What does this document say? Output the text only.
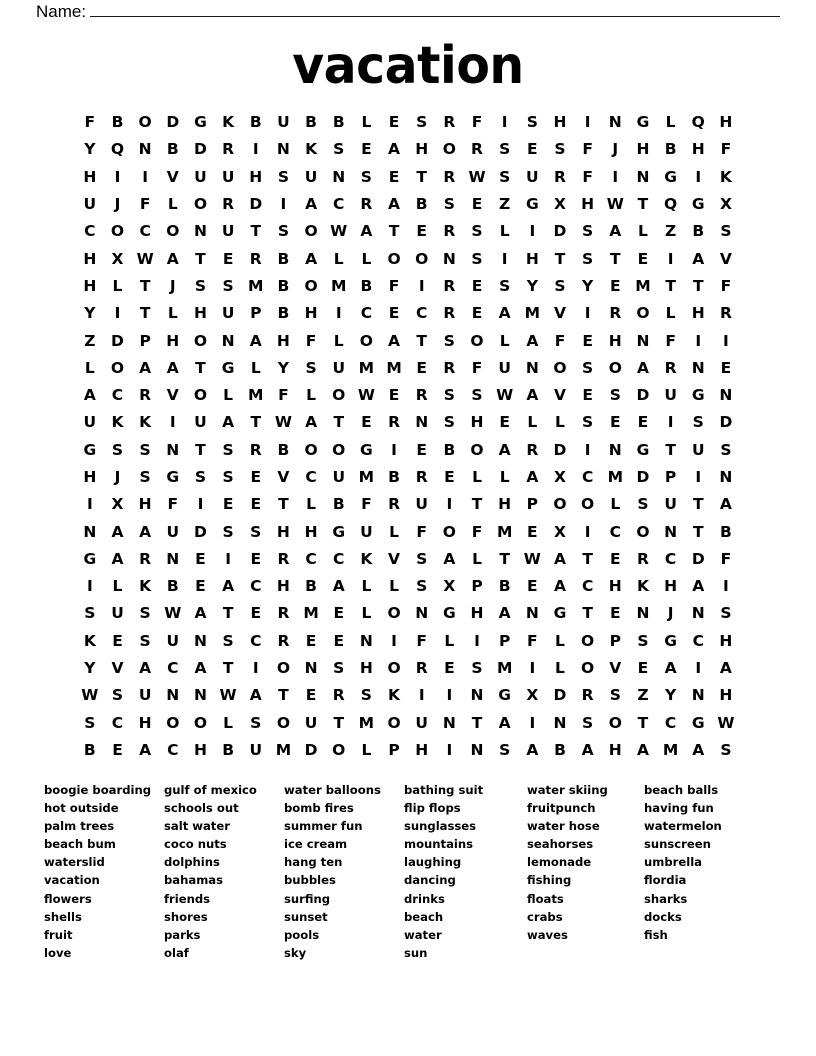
Name:
vacation
F	B O D G K	B U B	B	L	E	S	R	F	I	S	H	I	N G	L	Q H
Y Q N B D R	I	N K	S	E	A H O R	S	E	S	F	J	H B H	F
H	I	I	V U U H	S	U N	S	E	T	R W S	U R	F	I	N G	I	K
U	J	F	L	O R D	I	A	C	R	A	B	S	E	Z	G X H W T	Q G X
C O C O N U	T	S O W A	T	E	R	S	L	I	D	S	A	L	Z	B	S
H X W A	T	E	R	B	A	L	L	O O N	S	I	H	T	S	T	E	I	A	V
H	L	T	J	S	S M B O M B	F	I	R	E	S	Y	S	Y	E M T	T	F
Y	I	T	L	H U	P	B H	I	C	E	C	R	E	A M V	I	R O	L	H R
Z	D	P H O N A H	F	L	O A	T	S O	L	A	F	E	H N	F	I	I
L	O A	A	T	G	L	Y	S	U M M E	R	F	U N O S O A	R N	E
A	C	R	V O	L M F	L	O W E	R	S	S W A	V	E	S	D U G N
U K	K	I	U A	T W A	T	E	R N	S	H	E	L	L	S	E	E	I	S	D
G	S	S	N	T	S	R	B O O G	I	E	B O A	R D	I	N G	T	U	S
H	J	S	G	S	S	E	V	C	U M B	R	E	L	L	A	X	C M D	P	I	N
I	X H	F	I	E	E	T	L	B	F	R U	I	T	H P O O	L	S	U	T	A
N A	A U D	S	S	H H G U	L	F	O	F M E	X	I	C O N	T	B
G A	R N	E	I	E	R	C	C	K	V	S	A	L	T W A	T	E	R	C	D	F
I	L	K	B	E	A	C H B	A	L	L	S	X	P	B	E	A	C H K H A	I
S	U	S W A	T	E	R M E	L	O N G H A N G	T	E	N	J	N	S
K	E	S	U N	S	C	R	E	E	N	I	F	L	I	P	F	L	O P	S	G	C H
Y	V	A	C	A	T	I	O N	S	H O R	E	S M	I	L	O V	E	A	I	A
W S	U N N W A	T	E	R	S	K	I	I	N G X D R	S	Z	Y	N H
S	C H O O	L	S O U	T M O U N	T	A	I	N	S O	T	C	G W
B	E	A	C H B U M D O	L	P H	I	N	S	A	B	A H A M A	S
boogie boarding
hot outside
palm trees
beach bum
waterslid
vacation
flowers
shells
fruit
love
gulf of mexico
schools out
salt water
coco nuts
dolphins
bahamas
friends
shores
parks
olaf
water balloons
bomb fires
summer fun
ice cream
hang ten
bubbles
surfing
sunset
pools
sky
bathing suit
flip flops
sunglasses
mountains
laughing
dancing
drinks
beach
water
sun
water skiing
fruitpunch
water hose
seahorses
lemonade
fishing
floats
crabs
waves
beach balls
having fun
watermelon
sunscreen
umbrella
flordia
sharks
docks
fish
